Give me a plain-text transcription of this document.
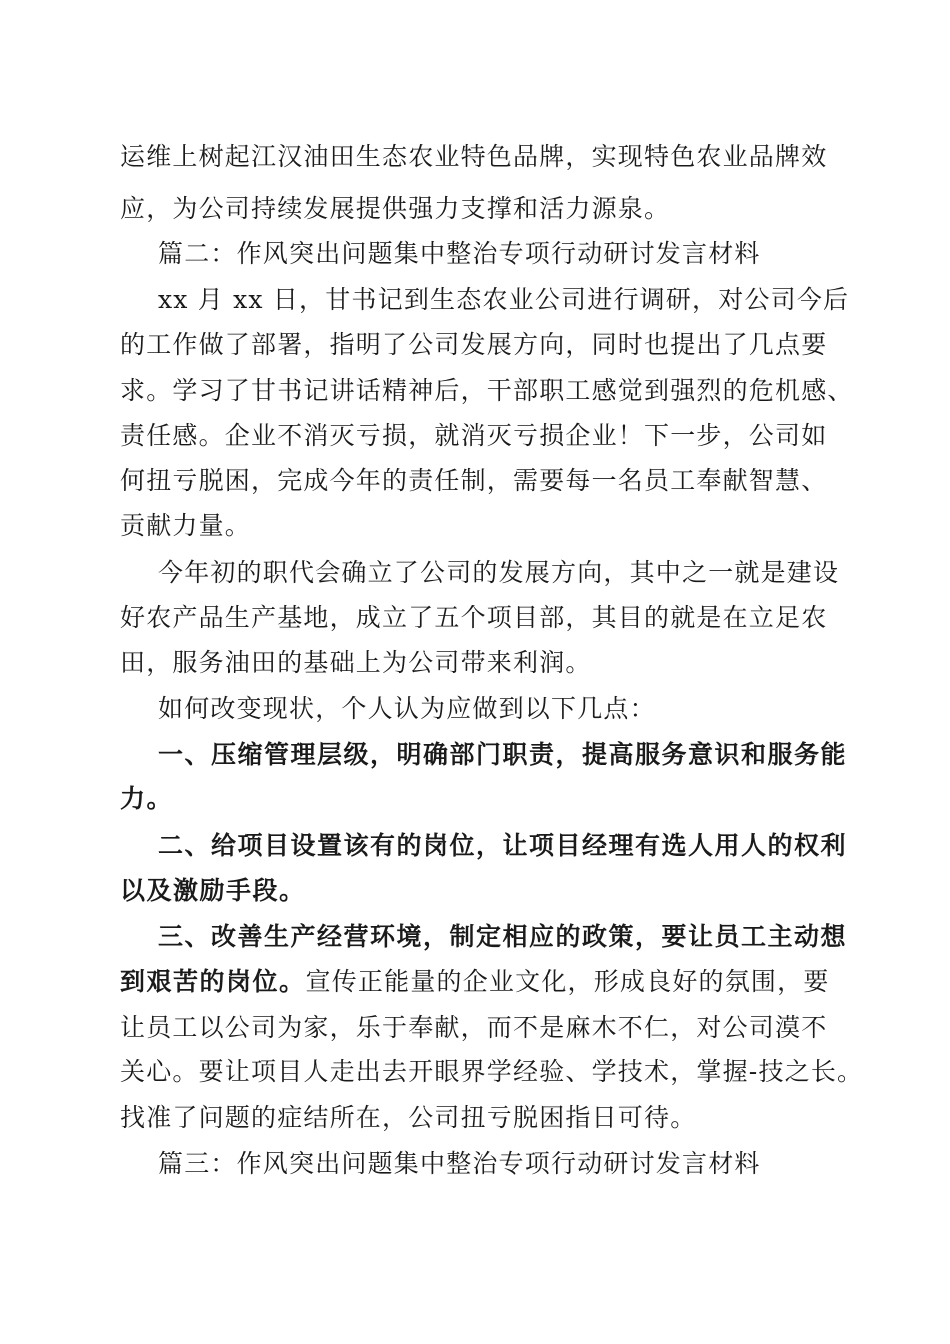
运维上树起江汉油田生态农业特色品牌，实现特色农业品牌效
应，为公司持续发展提供强力支撑和活力源泉。
篇二：作风突出问题集中整治专项行动研讨发言材料
xx 月 xx 日，甘书记到生态农业公司进行调研，对公司今后
的工作做了部署，指明了公司发展方向，同时也提出了几点要
求。学习了甘书记讲话精神后，干部职工感觉到强烈的危机感、
责任感。企业不消灭亏损，就消灭亏损企业！下一步，公司如
何扭亏脱困，完成今年的责任制，需要每一名员工奉献智慧、
贡献力量。
今年初的职代会确立了公司的发展方向，其中之一就是建设
好农产品生产基地，成立了五个项目部，其目的就是在立足农
田，服务油田的基础上为公司带来利润。
如何改变现状，个人认为应做到以下几点：
一、压缩管理层级，明确部门职责，提高服务意识和服务能
力。
二、给项目设置该有的岗位，让项目经理有选人用人的权利
以及激励手段。
三、改善生产经营环境，制定相应的政策，要让员工主动想
到艰苦的岗位。宣传正能量的企业文化，形成良好的氛围，要
让员工以公司为家，乐于奉献，而不是麻木不仁，对公司漠不
关心。要让项目人走出去开眼界学经验、学技术，掌握-技之长。
找准了问题的症结所在，公司扭亏脱困指日可待。
篇三：作风突出问题集中整治专项行动研讨发言材料
